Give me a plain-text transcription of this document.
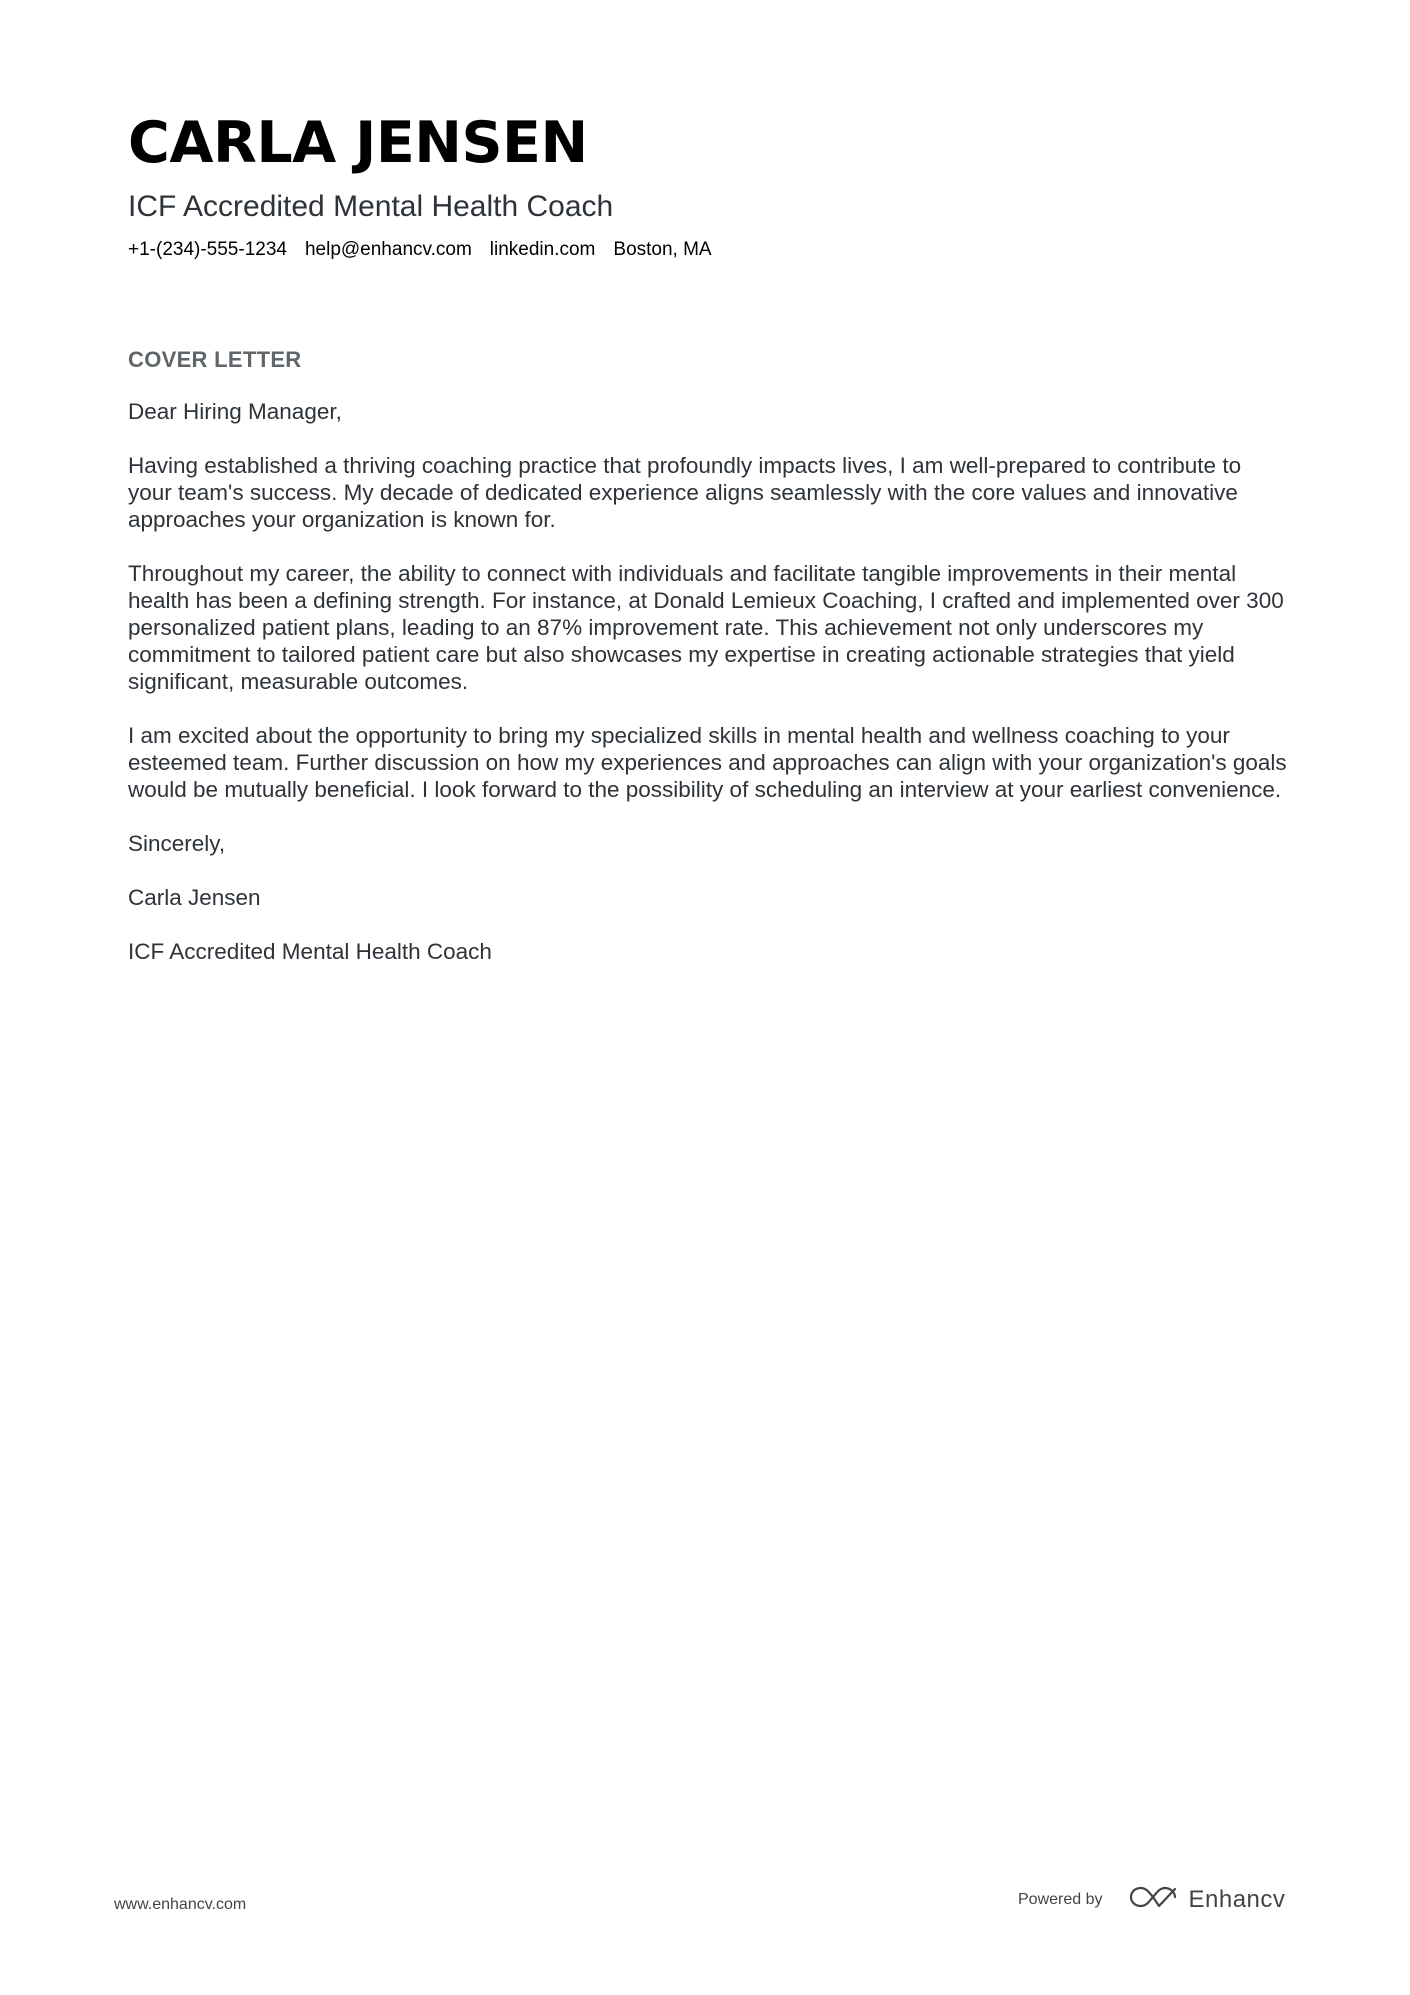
CARLA JENSEN
ICF Accredited Mental Health Coach
+1-(234)-555-1234 help@enhancv.com linkedin.com Boston, MA
COVER LETTER

Dear Hiring Manager,

Having established a thriving coaching practice that profoundly impacts lives, I am well-prepared to contribute to your team's success. My decade of dedicated experience aligns seamlessly with the core values and innovative approaches your organization is known for.

Throughout my career, the ability to connect with individuals and facilitate tangible improvements in their mental health has been a defining strength. For instance, at Donald Lemieux Coaching, I crafted and implemented over 300 personalized patient plans, leading to an 87% improvement rate. This achievement not only underscores my commitment to tailored patient care but also showcases my expertise in creating actionable strategies that yield significant, measurable outcomes.

I am excited about the opportunity to bring my specialized skills in mental health and wellness coaching to your esteemed team. Further discussion on how my experiences and approaches can align with your organization's goals would be mutually beneficial. I look forward to the possibility of scheduling an interview at your earliest convenience.

Sincerely,

Carla Jensen

ICF Accredited Mental Health Coach

www.enhancv.com	Powered by	Enhancv
